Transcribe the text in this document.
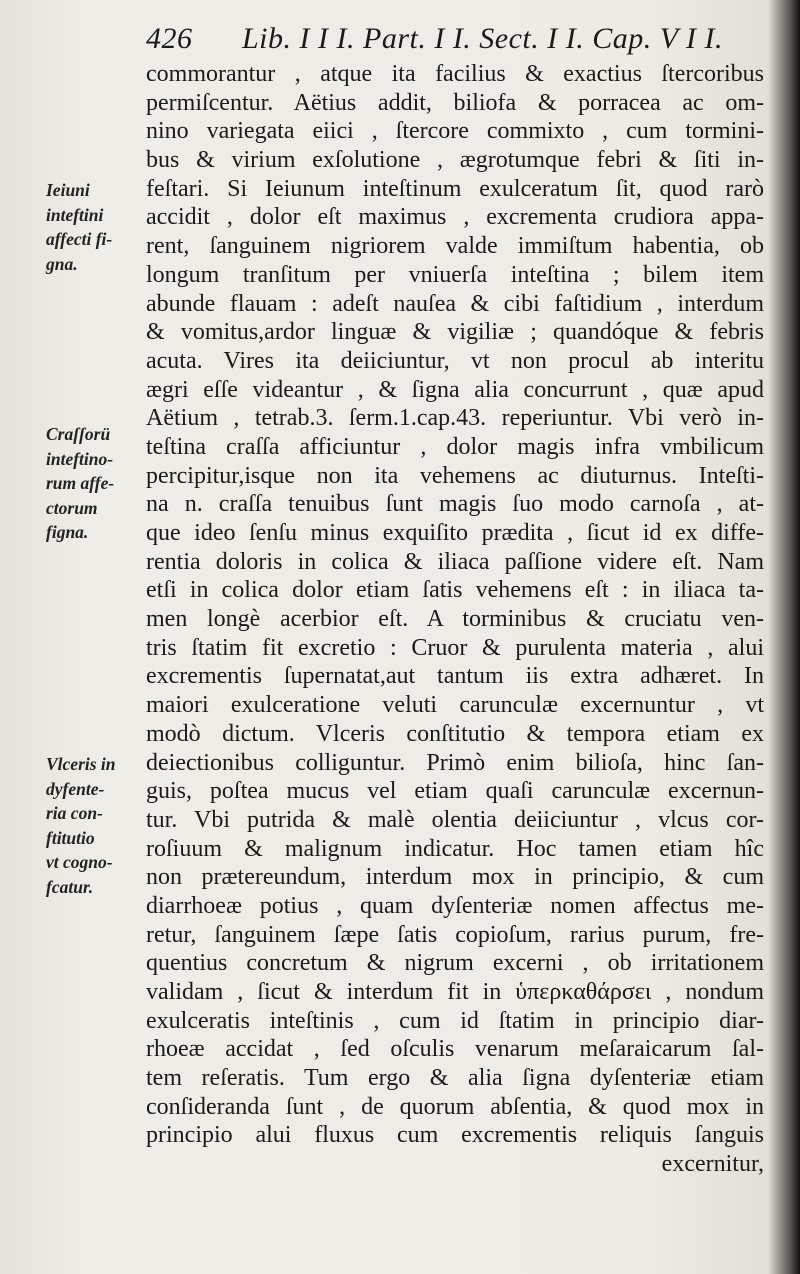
426 Lib. I I I. Part. I I. Sect. I I. Cap. V I I.
Ieiuni
inteftini
affecti fi-
gna.
Craſſorü
inteftino-
rum affe-
ctorum
figna.
Vlceris in
dyfente-
ria con-
ftitutio
vt cogno-
fcatur.
commorantur , atque ita facilius & exactius ſtercoribus
permiſcentur. Aëtius addit, biliofa & porracea ac om-
nino variegata eiici , ſtercore commixto , cum tormini-
bus & virium exſolutione , ægrotumque febri & ſiti in-
feſtari. Si Ieiunum inteſtinum exulceratum ſit, quod rarò
accidit , dolor eſt maximus , excrementa crudiora appa-
rent, ſanguinem nigriorem valde immiſtum habentia, ob
longum tranſitum per vniuerſa inteſtina ; bilem item
abunde flauam : adeſt nauſea & cibi faſtidium , interdum
& vomitus,ardor linguæ & vigiliæ ; quandóque & febris
acuta. Vires ita deiiciuntur, vt non procul ab interitu
ægri eſſe videantur , & ſigna alia concurrunt , quæ apud
Aëtium , tetrab.3. ſerm.1.cap.43. reperiuntur. Vbi verò in-
teſtina craſſa afficiuntur , dolor magis infra vmbilicum
percipitur,isque non ita vehemens ac diuturnus. Inteſti-
na n. craſſa tenuibus ſunt magis ſuo modo carnoſa , at-
que ideo ſenſu minus exquiſito prædita , ſicut id ex diffe-
rentia doloris in colica & iliaca paſſione videre eſt. Nam
etſi in colica dolor etiam ſatis vehemens eſt : in iliaca ta-
men longè acerbior eſt. A torminibus & cruciatu ven-
tris ſtatim fit excretio : Cruor & purulenta materia , alui
excrementis ſupernatat,aut tantum iis extra adhæret. In
maiori exulceratione veluti carunculæ excernuntur , vt
modò dictum. Vlceris conſtitutio & tempora etiam ex
deiectionibus colliguntur. Primò enim bilioſa, hinc ſan-
guis, poſtea mucus vel etiam quaſi carunculæ excernun-
tur. Vbi putrida & malè olentia deiiciuntur , vlcus cor-
roſiuum & malignum indicatur. Hoc tamen etiam hîc
non prætereundum, interdum mox in principio, & cum
diarrhoeæ potius , quam dyſenteriæ nomen affectus me-
retur, ſanguinem ſæpe ſatis copioſum, rarius purum, fre-
quentius concretum & nigrum excerni , ob irritationem
validam , ſicut & interdum fit in ὑπερκαθάρσει , nondum
exulceratis inteſtinis , cum id ſtatim in principio diar-
rhoeæ accidat , ſed oſculis venarum meſaraicarum ſal-
tem reſeratis. Tum ergo & alia ſigna dyſenteriæ etiam
conſideranda ſunt , de quorum abſentia, & quod mox in
principio alui fluxus cum excrementis reliquis ſanguis
excernitur,
